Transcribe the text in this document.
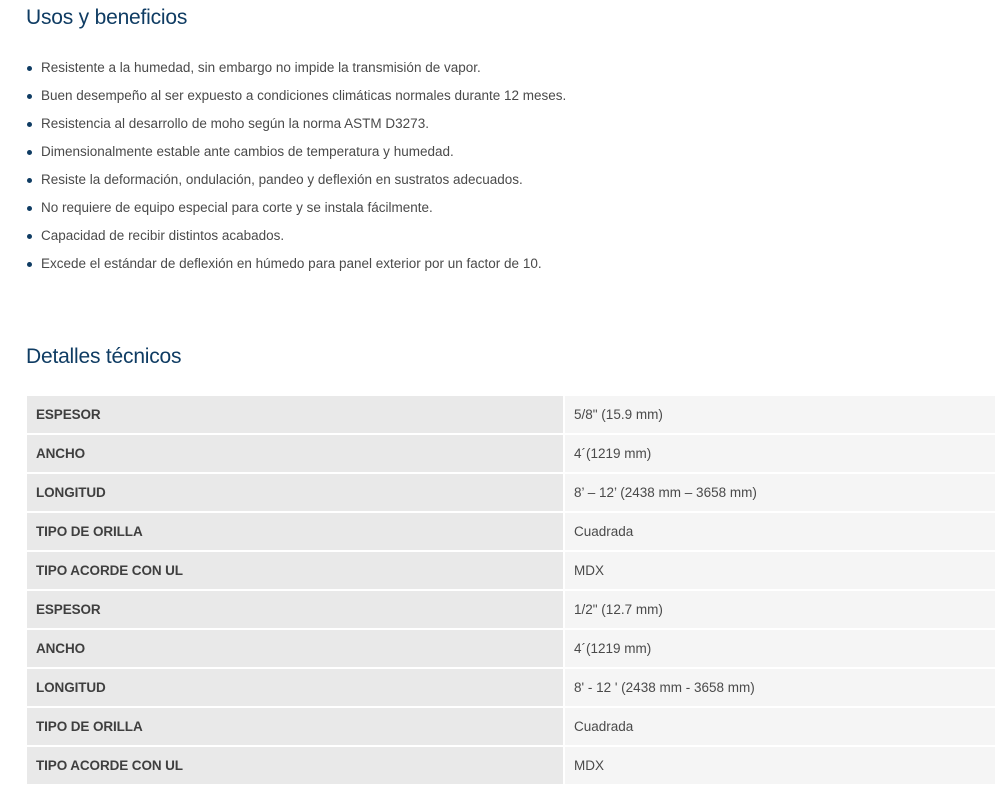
Usos y beneficios
Resistente a la humedad, sin embargo no impide la transmisión de vapor.
Buen desempeño al ser expuesto a condiciones climáticas normales durante 12 meses.
Resistencia al desarrollo de moho según la norma ASTM D3273.
Dimensionalmente estable ante cambios de temperatura y humedad.
Resiste la deformación, ondulación, pandeo y deflexión en sustratos adecuados.
No requiere de equipo especial para corte y se instala fácilmente.
Capacidad de recibir distintos acabados.
Excede el estándar de deflexión en húmedo para panel exterior por un factor de 10.
Detalles técnicos
ESPESOR	5/8" (15.9 mm)
ANCHO	4´(1219 mm)
LONGITUD	8’ – 12’ (2438 mm – 3658 mm)
TIPO DE ORILLA	Cuadrada
TIPO ACORDE CON UL	MDX
ESPESOR	1/2" (12.7 mm)
ANCHO	4´(1219 mm)
LONGITUD	8' - 12 ' (2438 mm - 3658 mm)
TIPO DE ORILLA	Cuadrada
TIPO ACORDE CON UL	MDX
